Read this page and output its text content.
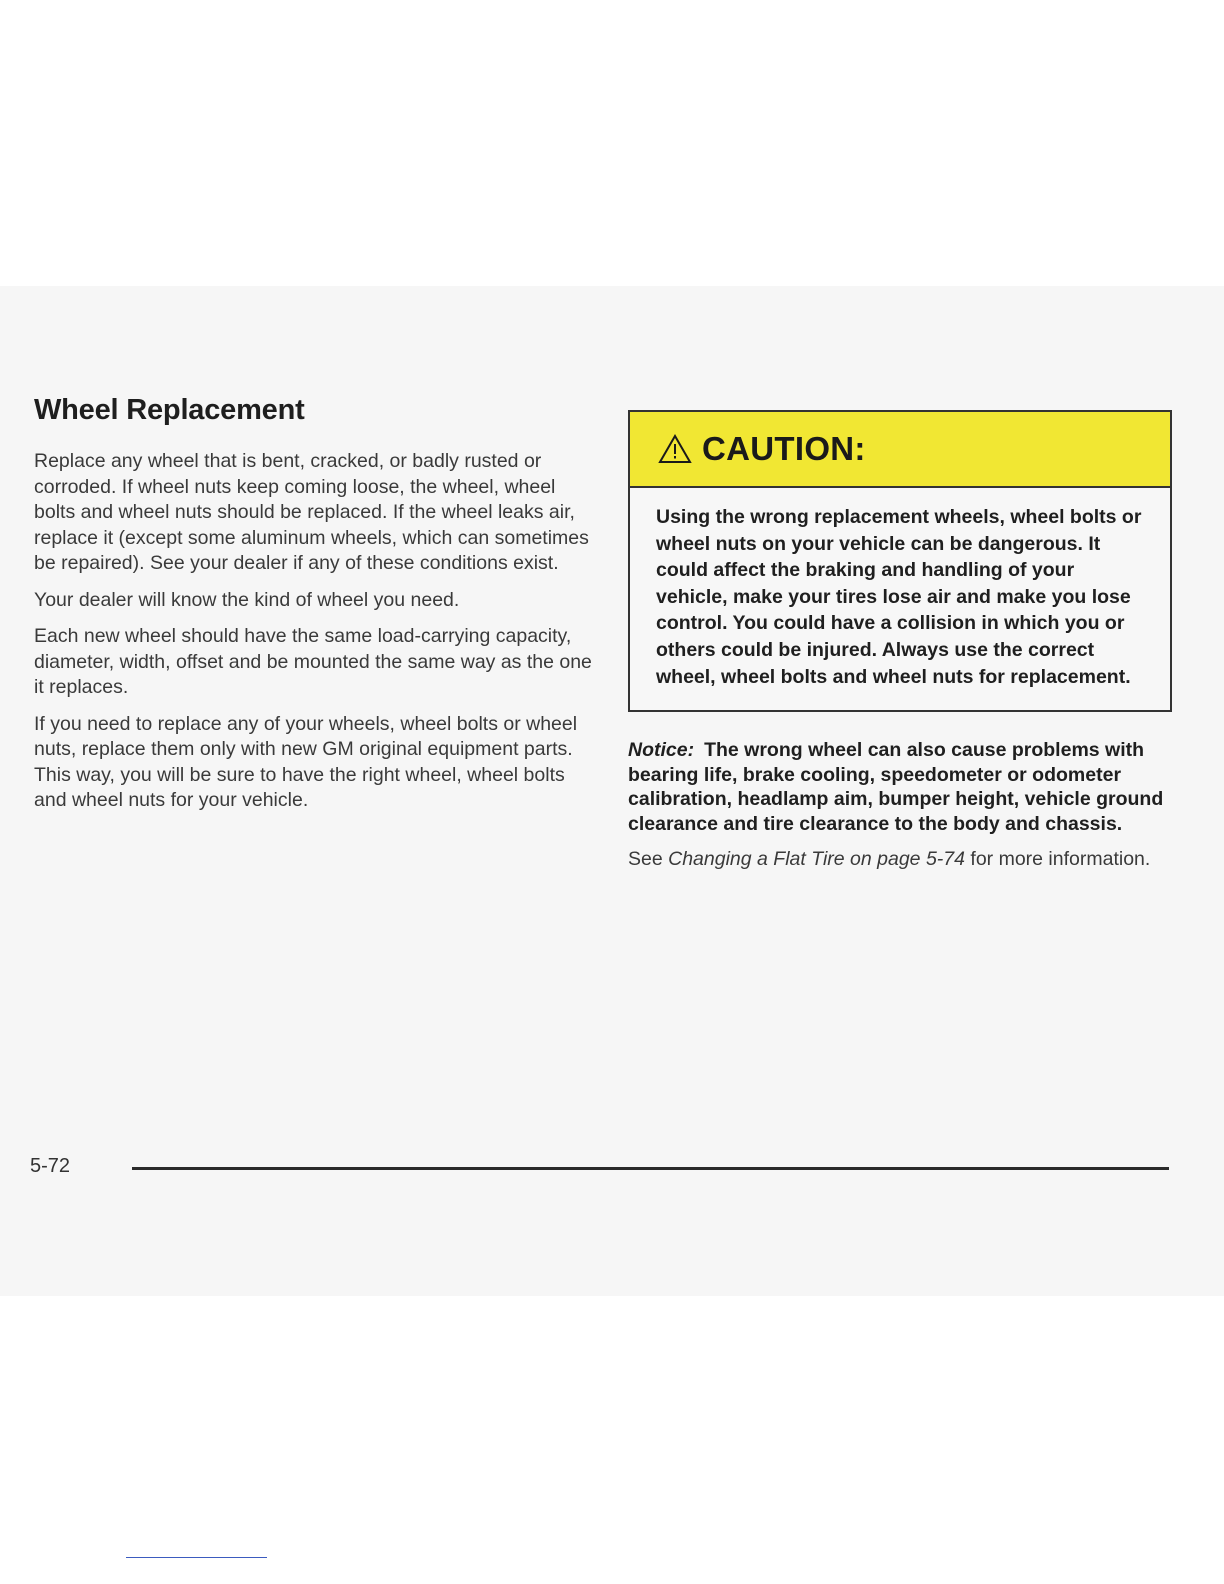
Wheel Replacement

Replace any wheel that is bent, cracked, or badly rusted or corroded. If wheel nuts keep coming loose, the wheel, wheel bolts and wheel nuts should be replaced. If the wheel leaks air, replace it (except some aluminum wheels, which can sometimes be repaired). See your dealer if any of these conditions exist.

Your dealer will know the kind of wheel you need.

Each new wheel should have the same load-carrying capacity, diameter, width, offset and be mounted the same way as the one it replaces.

If you need to replace any of your wheels, wheel bolts or wheel nuts, replace them only with new GM original equipment parts. This way, you will be sure to have the right wheel, wheel bolts and wheel nuts for your vehicle.

CAUTION:
Using the wrong replacement wheels, wheel bolts or wheel nuts on your vehicle can be dangerous. It could affect the braking and handling of your vehicle, make your tires lose air and make you lose control. You could have a collision in which you or others could be injured. Always use the correct wheel, wheel bolts and wheel nuts for replacement.
Notice: The wrong wheel can also cause problems with bearing life, brake cooling, speedometer or odometer calibration, headlamp aim, bumper height, vehicle ground clearance and tire clearance to the body and chassis.
See Changing a Flat Tire on page 5-74 for more information.
5-72
